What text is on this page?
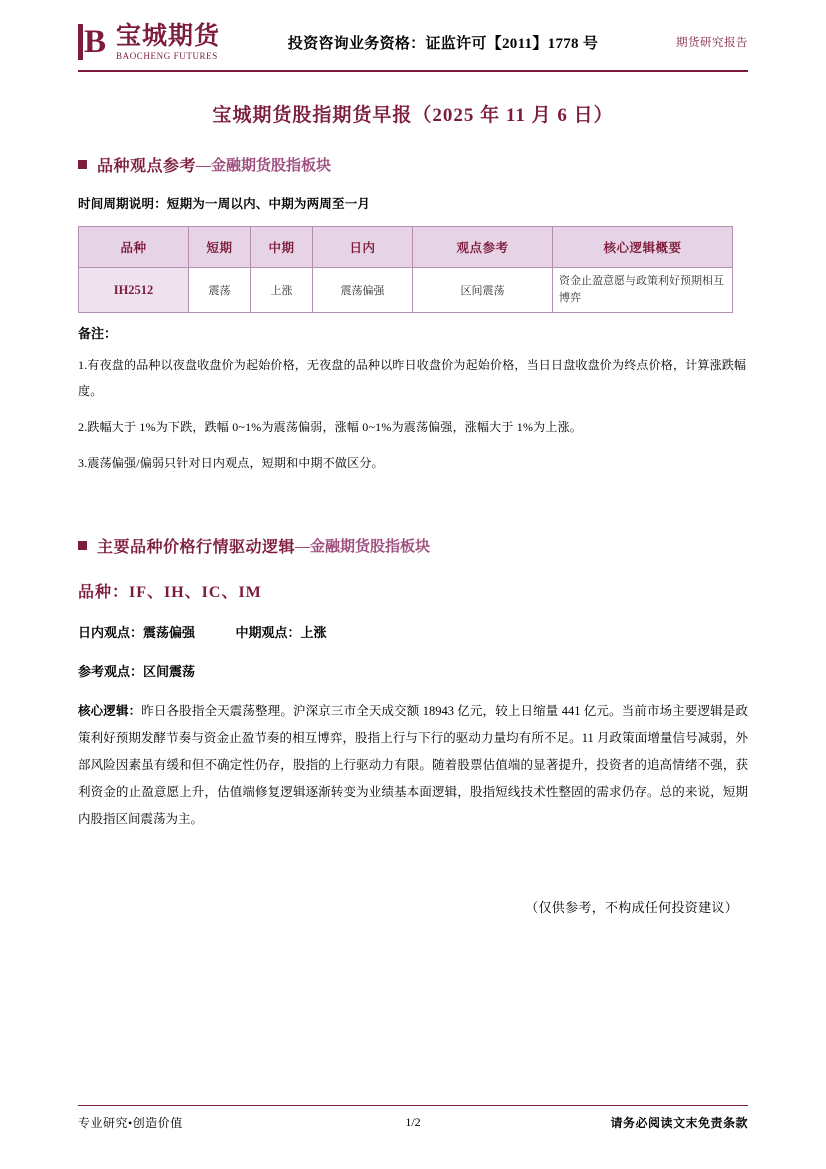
B 宝城期货
BAOCHENG FUTURES
投资咨询业务资格：证监许可【2011】1778 号	期货研究报告
宝城期货股指期货早报（2025 年 11 月 6 日）
品种观点参考 —金融期货股指板块
时间周期说明：短期为一周以内、中期为两周至一月
品种	短期	中期	日内	观点参考	核心逻辑概要
IH2512	震荡	上涨	震荡偏强	区间震荡	资金止盈意愿与政策利好预期相互博弈
备注：
1.有夜盘的品种以夜盘收盘价为起始价格，无夜盘的品种以昨日收盘价为起始价格，当日日盘收盘价为终点价格，计算涨跌幅度。
2.跌幅大于 1%为下跌，跌幅 0~1%为震荡偏弱，涨幅 0~1%为震荡偏强，涨幅大于 1%为上涨。
3.震荡偏强/偏弱只针对日内观点，短期和中期不做区分。
主要品种价格行情驱动逻辑 —金融期货股指板块
品种：IF、IH、IC、IM
日内观点：震荡偏强	中期观点：上涨
参考观点：区间震荡
核心逻辑：昨日各股指全天震荡整理。沪深京三市全天成交额 18943 亿元，较上日缩量 441 亿元。当前市场主要逻辑是政策利好预期发酵节奏与资金止盈节奏的相互博弈，股指上行与下行的驱动力量均有所不足。11 月政策面增量信号减弱，外部风险因素虽有缓和但不确定性仍存，股指的上行驱动力有限。随着股票估值端的显著提升，投资者的追高情绪不强，获利资金的止盈意愿上升，估值端修复逻辑逐渐转变为业绩基本面逻辑，股指短线技术性整固的需求仍存。总的来说，短期内股指区间震荡为主。
（仅供参考，不构成任何投资建议）
专业研究•创造价值	1/2	请务必阅读文末免责条款
